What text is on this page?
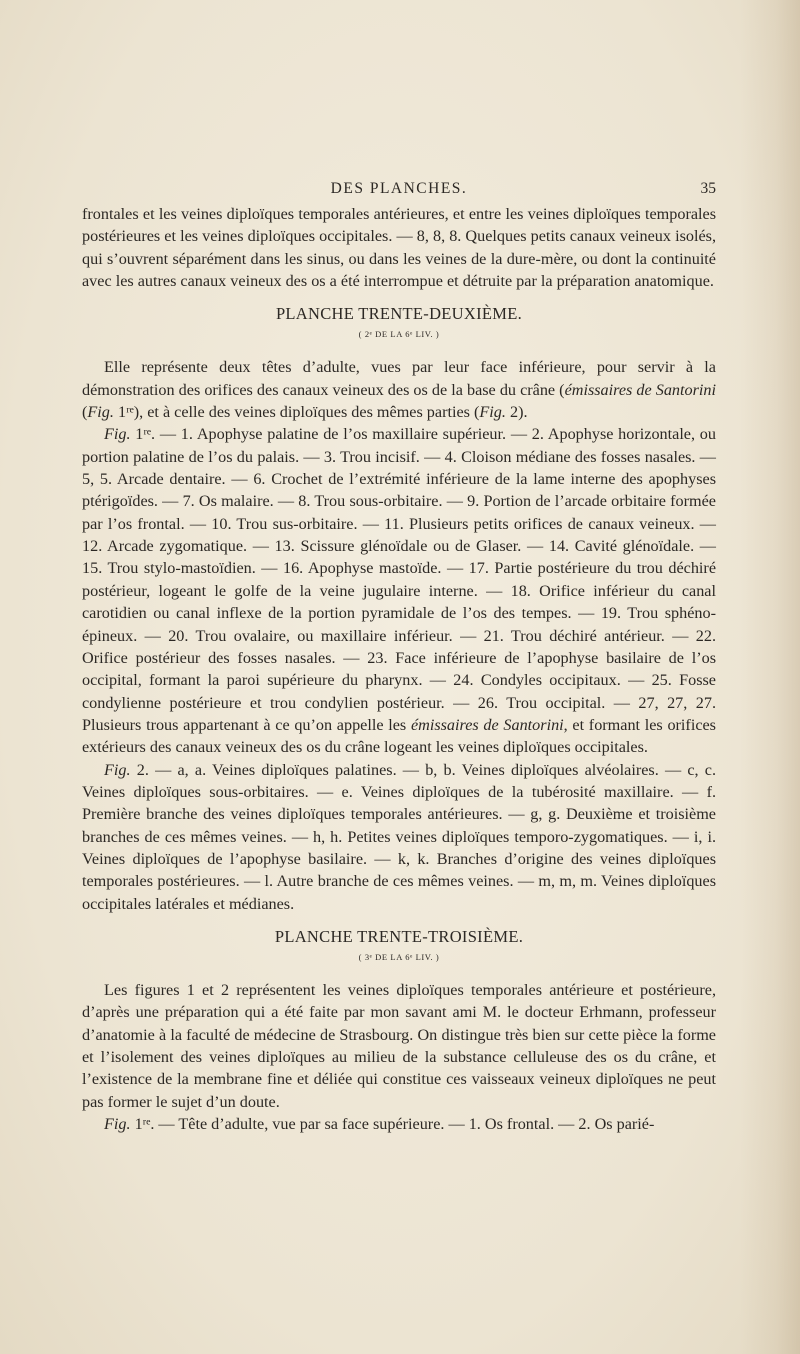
DES PLANCHES.	35

frontales et les veines diploïques temporales antérieures, et entre les veines diploïques temporales postérieures et les veines diploïques occipitales. — 8, 8, 8. Quelques petits canaux veineux isolés, qui s’ouvrent séparément dans les sinus, ou dans les veines de la dure-mère, ou dont la continuité avec les autres canaux veineux des os a été interrompue et détruite par la préparation anatomique.

PLANCHE TRENTE-DEUXIÈME.
( 2ᵉ DE LA 6ᵉ LIV. )

Elle représente deux têtes d’adulte, vues par leur face inférieure, pour servir à la démonstration des orifices des canaux veineux des os de la base du crâne (émissaires de Santorini (Fig. 1ʳᵉ), et à celle des veines diploïques des mêmes parties (Fig. 2).

Fig. 1ʳᵉ. — 1. Apophyse palatine de l’os maxillaire supérieur. — 2. Apophyse horizontale, ou portion palatine de l’os du palais. — 3. Trou incisif. — 4. Cloison médiane des fosses nasales. — 5, 5. Arcade dentaire. — 6. Crochet de l’extrémité inférieure de la lame interne des apophyses ptérigoïdes. — 7. Os malaire. — 8. Trou sous-orbitaire. — 9. Portion de l’arcade orbitaire formée par l’os frontal. — 10. Trou sus-orbitaire. — 11. Plusieurs petits orifices de canaux veineux. — 12. Arcade zygomatique. — 13. Scissure glénoïdale ou de Glaser. — 14. Cavité glénoïdale. — 15. Trou stylo-mastoïdien. — 16. Apophyse mastoïde. — 17. Partie postérieure du trou déchiré postérieur, logeant le golfe de la veine jugulaire interne. — 18. Orifice inférieur du canal carotidien ou canal inflexe de la portion pyramidale de l’os des tempes. — 19. Trou sphéno-épineux. — 20. Trou ovalaire, ou maxillaire inférieur. — 21. Trou déchiré antérieur. — 22. Orifice postérieur des fosses nasales. — 23. Face inférieure de l’apophyse basilaire de l’os occipital, formant la paroi supérieure du pharynx. — 24. Condyles occipitaux. — 25. Fosse condylienne postérieure et trou condylien postérieur. — 26. Trou occipital. — 27, 27, 27. Plusieurs trous appartenant à ce qu’on appelle les émissaires de Santorini, et formant les orifices extérieurs des canaux veineux des os du crâne logeant les veines diploïques occipitales.

Fig. 2. — a, a. Veines diploïques palatines. — b, b. Veines diploïques alvéolaires. — c, c. Veines diploïques sous-orbitaires. — e. Veines diploïques de la tubérosité maxillaire. — f. Première branche des veines diploïques temporales antérieures. — g, g. Deuxième et troisième branches de ces mêmes veines. — h, h. Petites veines diploïques temporo-zygomatiques. — i, i. Veines diploïques de l’apophyse basilaire. — k, k. Branches d’origine des veines diploïques temporales postérieures. — l. Autre branche de ces mêmes veines. — m, m, m. Veines diploïques occipitales latérales et médianes.

PLANCHE TRENTE-TROISIÈME.
( 3ᵉ DE LA 6ᵉ LIV. )

Les figures 1 et 2 représentent les veines diploïques temporales antérieure et postérieure, d’après une préparation qui a été faite par mon savant ami M. le docteur Erhmann, professeur d’anatomie à la faculté de médecine de Strasbourg. On distingue très bien sur cette pièce la forme et l’isolement des veines diploïques au milieu de la substance celluleuse des os du crâne, et l’existence de la membrane fine et déliée qui constitue ces vaisseaux veineux diploïques ne peut pas former le sujet d’un doute.

Fig. 1ʳᵉ. — Tête d’adulte, vue par sa face supérieure. — 1. Os frontal. — 2. Os parié-
